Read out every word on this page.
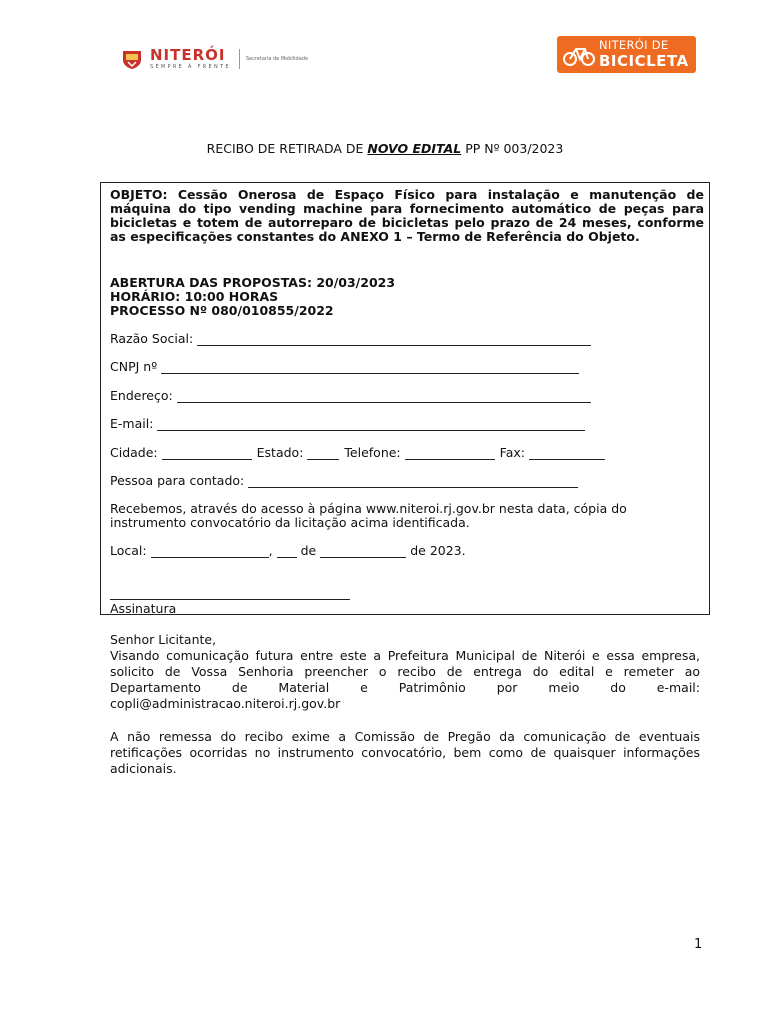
NITERÓI
SEMPRE À FRENTE
Secretaria de Mobilidade
NITERÓI DE
BICICLETA
RECIBO DE RETIRADA DE NOVO EDITAL PP Nº 003/2023
OBJETO: Cessão Onerosa de Espaço Físico para instalação e manutenção de máquina do tipo vending machine para fornecimento automático de peças para bicicletas e totem de autorreparo de bicicletas pelo prazo de 24 meses, conforme as especificações constantes do ANEXO 1 – Termo de Referência do Objeto.
ABERTURA DAS PROPOSTAS: 20/03/2023
HORÁRIO: 10:00 HORAS
PROCESSO Nº 080/010855/2022
Razão Social:
CNPJ nº
Endereço:
E-mail:
Cidade:	Estado:	Telefone:	Fax:
Pessoa para contado:
Recebemos, através do acesso à página www.niteroi.rj.gov.br nesta data, cópia do instrumento convocatório da licitação acima identificada.
Local:	, de	de 2023.
Assinatura
Senhor Licitante,
Visando comunicação futura entre este a Prefeitura Municipal de Niterói e essa empresa, solicito de Vossa Senhoria preencher o recibo de entrega do edital e remeter ao Departamento de Material e Patrimônio por meio do e-mail:
copli@administracao.niteroi.rj.gov.br
A não remessa do recibo exime a Comissão de Pregão da comunicação de eventuais retificações ocorridas no instrumento convocatório, bem como de quaisquer informações adicionais.
1
